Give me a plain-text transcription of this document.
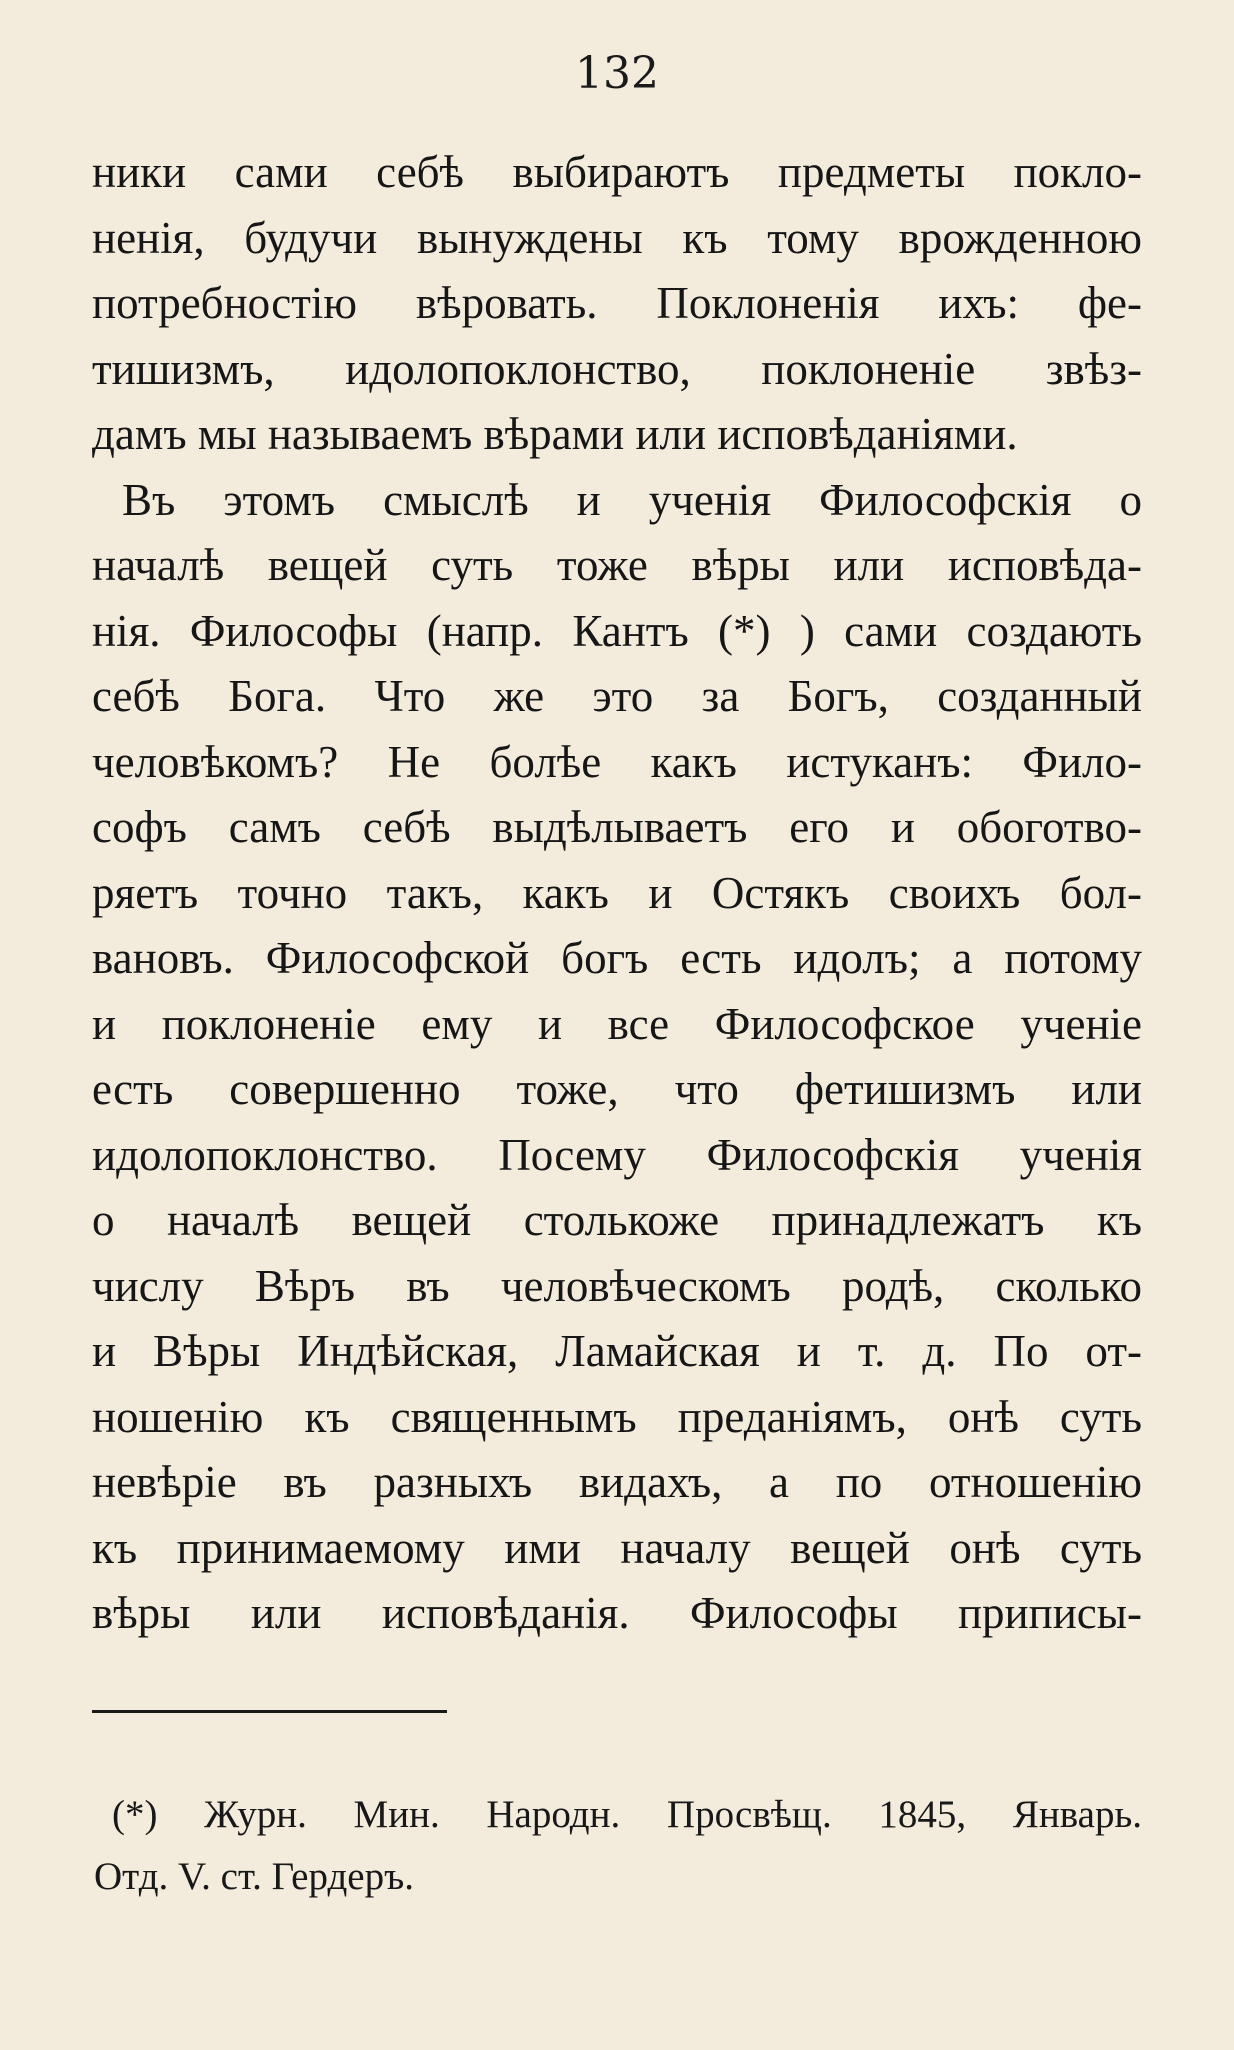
132
ники сами себѣ выбираютъ предметы покло-
ненія, будучи вынуждены къ тому врожденною
потребностію вѣровать. Поклоненія ихъ: фе-
тишизмъ, идолопоклонство, поклоненіе звѣз-
дамъ мы называемъ вѣрами или исповѣданіями.
Въ этомъ смыслѣ и ученія Философскія о
началѣ вещей суть тоже вѣры или исповѣда-
нія. Философы (напр. Кантъ (*) ) сами создають
себѣ Бога. Что же это за Богъ, созданный
человѣкомъ? Не болѣе какъ истуканъ: Фило-
софъ самъ себѣ выдѣлываетъ его и обоготво-
ряетъ точно такъ, какъ и Остякъ своихъ бол-
вановъ. Философской богъ есть идолъ; а потому
и поклоненіе ему и все Философское ученіе
есть совершенно тоже, что фетишизмъ или
идолопоклонство. Посему Философскія ученія
о началѣ вещей столькоже принадлежатъ къ
числу Вѣръ въ человѣческомъ родѣ, сколько
и Вѣры Индѣйская, Ламайская и т. д. По от-
ношенію къ священнымъ преданіямъ, онѣ суть
невѣріе въ разныхъ видахъ, а по отношенію
къ принимаемому ими началу вещей онѣ суть
вѣры или исповѣданія. Философы приписы-
(*) Журн. Мин. Народн. Просвѣщ. 1845, Январь.
Отд. V. ст. Гердеръ.
